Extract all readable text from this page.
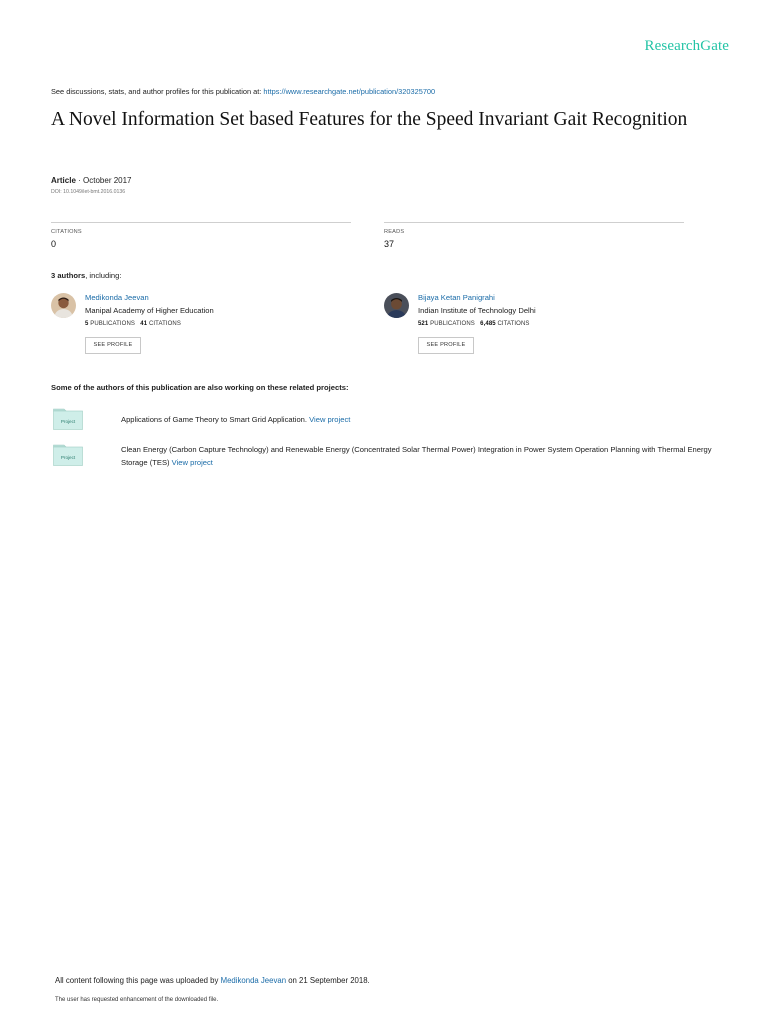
ResearchGate
See discussions, stats, and author profiles for this publication at: https://www.researchgate.net/publication/320325700
A Novel Information Set based Features for the Speed Invariant Gait Recognition
Article · October 2017
DOI: 10.1049/iet-bmt.2016.0136
CITATIONS
0
READS
37
3 authors, including:
Medikonda Jeevan
Manipal Academy of Higher Education
5 PUBLICATIONS 41 CITATIONS
SEE PROFILE
Bijaya Ketan Panigrahi
Indian Institute of Technology Delhi
521 PUBLICATIONS 6,485 CITATIONS
SEE PROFILE
Some of the authors of this publication are also working on these related projects:
Project	Applications of Game Theory to Smart Grid Application. View project
Project
Clean Energy (Carbon Capture Technology) and Renewable Energy (Concentrated Solar Thermal Power) Integration in Power System Operation Planning with Thermal Energy Storage (TES) View project
All content following this page was uploaded by Medikonda Jeevan on 21 September 2018.
The user has requested enhancement of the downloaded file.
